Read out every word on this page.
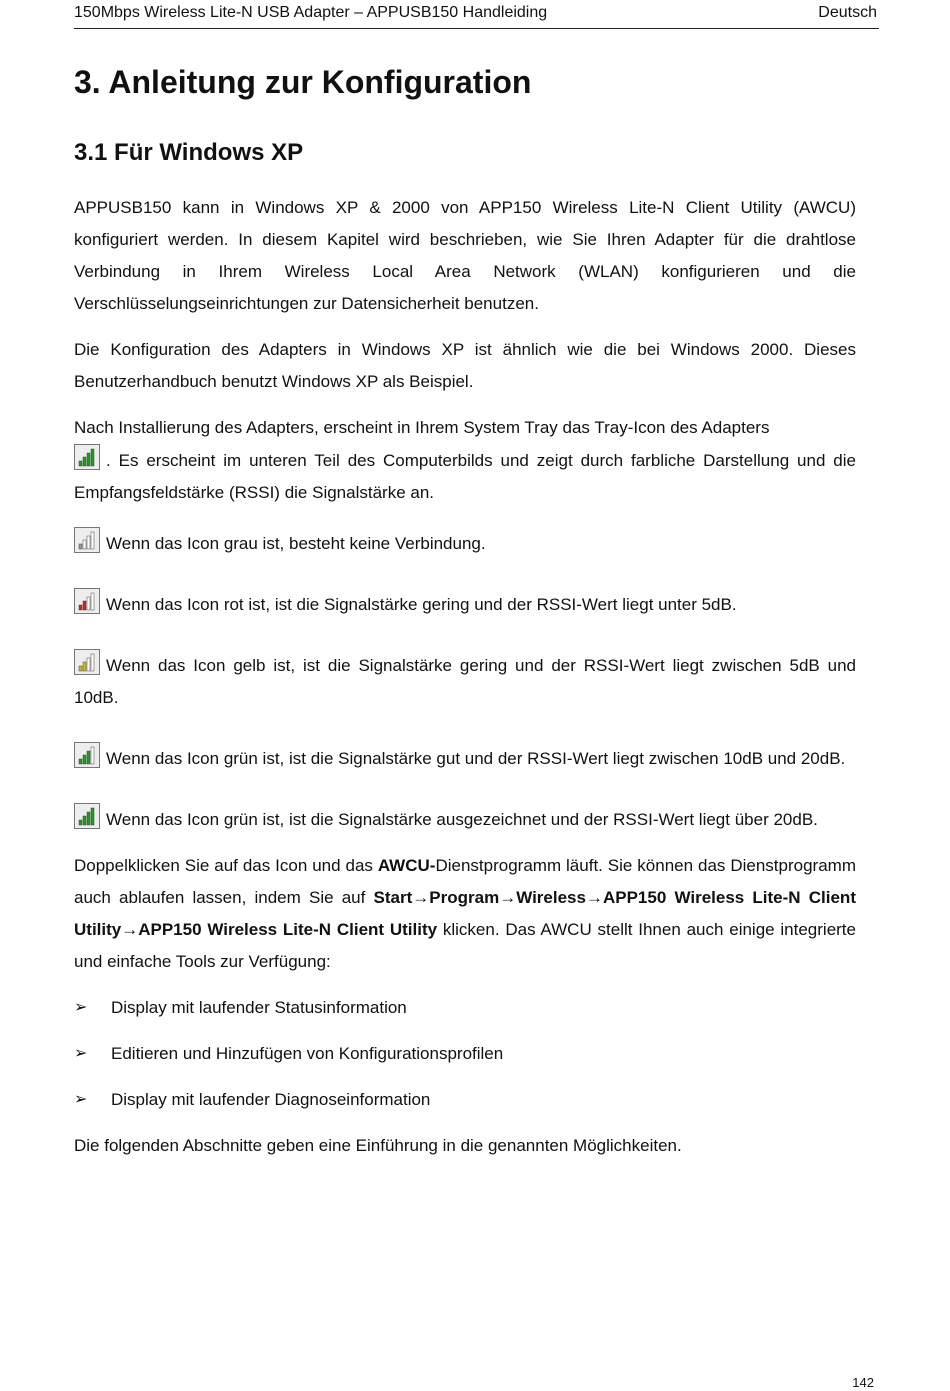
150Mbps Wireless Lite-N USB Adapter – APPUSB150 Handleiding	Deutsch
3. Anleitung zur Konfiguration
3.1 Für Windows XP

APPUSB150 kann in Windows XP & 2000 von APP150 Wireless Lite-N Client Utility (AWCU) konfiguriert werden. In diesem Kapitel wird beschrieben, wie Sie Ihren Adapter für die drahtlose Verbindung in Ihrem Wireless Local Area Network (WLAN) konfigurieren und die Verschlüsselungseinrichtungen zur Datensicherheit benutzen.

Die Konfiguration des Adapters in Windows XP ist ähnlich wie die bei Windows 2000. Dieses Benutzerhandbuch benutzt Windows XP als Beispiel.

Nach Installierung des Adapters, erscheint in Ihrem System Tray das Tray-Icon des Adapters

. Es erscheint im unteren Teil des Computerbilds und zeigt durch farbliche Darstellung und die Empfangsfeldstärke (RSSI) die Signalstärke an.

Wenn das Icon grau ist, besteht keine Verbindung.

Wenn das Icon rot ist, ist die Signalstärke gering und der RSSI-Wert liegt unter 5dB.

Wenn das Icon gelb ist, ist die Signalstärke gering und der RSSI-Wert liegt zwischen 5dB und 10dB.

Wenn das Icon grün ist, ist die Signalstärke gut und der RSSI-Wert liegt zwischen 10dB und 20dB.

Wenn das Icon grün ist, ist die Signalstärke ausgezeichnet und der RSSI-Wert liegt über 20dB.

Doppelklicken Sie auf das Icon und das AWCU-Dienstprogramm läuft. Sie können das Dienstprogramm auch ablaufen lassen, indem Sie auf Start→Program→Wireless→APP150 Wireless Lite-N Client Utility→APP150 Wireless Lite-N Client Utility klicken. Das AWCU stellt Ihnen auch einige integrierte und einfache Tools zur Verfügung:

➢ Display mit laufender Statusinformation
➢ Editieren und Hinzufügen von Konfigurationsprofilen
➢ Display mit laufender Diagnoseinformation

Die folgenden Abschnitte geben eine Einführung in die genannten Möglichkeiten.

142
